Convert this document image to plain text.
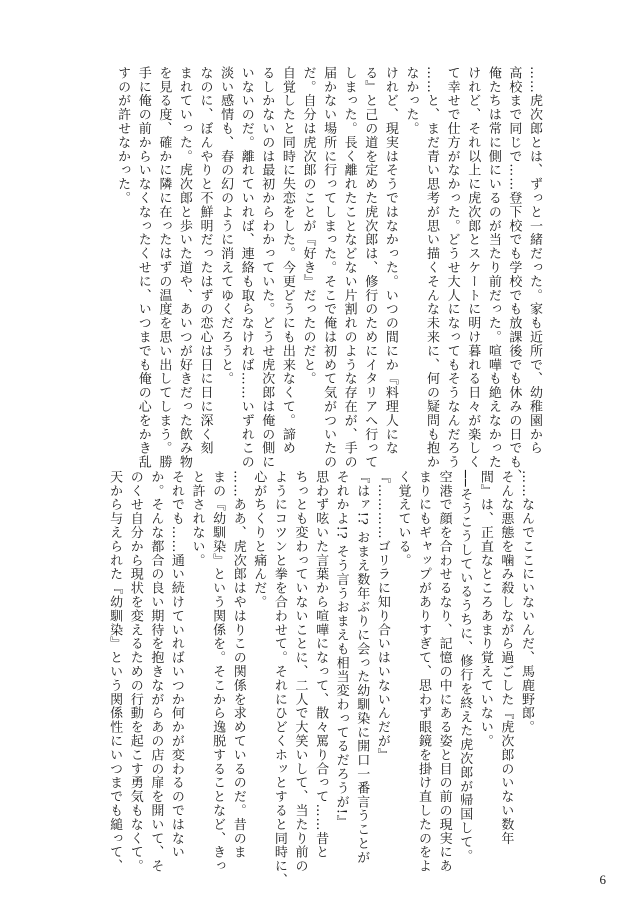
……虎次郎とは、ずっと一緒だった。家も近所で、幼稚園から
高校まで同じで……登下校でも学校でも放課後でも休みの日でも、
俺たちは常に側にいるのが当たり前だった。喧嘩も絶えなかった
けれど、それ以上に虎次郎とスケートに明け暮れる日々が楽しく
て幸せで仕方がなかった。どうせ大人になってもそうなんだろう
……と、まだ青い思考が思い描くそんな未来に、何の疑問も抱か
なかった。
けれど、現実はそうではなかった。いつの間にか『料理人にな
る』と己の道を定めた虎次郎は、修行のためにイタリアへ行って
しまった。長く離れたことなどない片割れのような存在が、手の
届かない場所に行ってしまった。そこで俺は初めて気がついたの
だ。自分は虎次郎のことが『好き』だったのだと。
自覚したと同時に失恋をした。今更どうにも出来なくて。諦め
るしかないのは最初からわかっていた。どうせ虎次郎は俺の側に
いないのだ。離れていれば、連絡も取らなければ……いずれこの
淡い感情も、春の幻のように消えてゆくだろうと。
なのに、ぼんやりと不鮮明だったはずの恋心は日に日に深く刻
まれていった。虎次郎と歩いた道や、あいつが好きだった飲み物
を見る度、確かに隣に在ったはずの温度を思い出してしまう。勝
手に俺の前からいなくなったくせに、いつまでも俺の心をかき乱
すのが許せなかった。
……なんでここにいないんだ、馬鹿野郎。
そんな悪態を噛み殺しながら過ごした『虎次郎のいない数年
間』は、正直なところあまり覚えていない。
──そうこうしているうちに、修行を終えた虎次郎が帰国して。
空港で顔を合わせるなり、記憶の中にある姿と目の前の現実にあ
まりにもギャップがありすぎて、思わず眼鏡を掛け直したのをよ
く覚えている。
『…………ゴリラに知り合いはいないんだが』
『はァ!? おまえ数年ぶりに会った幼馴染に開口一番言うことが
それかよ!? そう言うおまえも相当変わってるだろうが!』
思わず呟いた言葉から喧嘩になって、散々罵り合って……昔と
ちっとも変わっていないことに、二人で大笑いして、当たり前の
ようにコツンと拳を合わせて。それにひどくホッとすると同時に、
心がちくりと痛んだ。
……ああ、虎次郎はやはりこの関係を求めているのだ。昔のま
まの『幼馴染』という関係を。そこから逸脱することなど、きっ
と許されない。
それでも……通い続けていればいつか何かが変わるのではない
か。そんな都合の良い期待を抱きながらあの店の扉を開いて、そ
のくせ自分から現状を変えるための行動を起こす勇気もなくて。
天から与えられた『幼馴染』という関係性にいつまでも縋って、
6
